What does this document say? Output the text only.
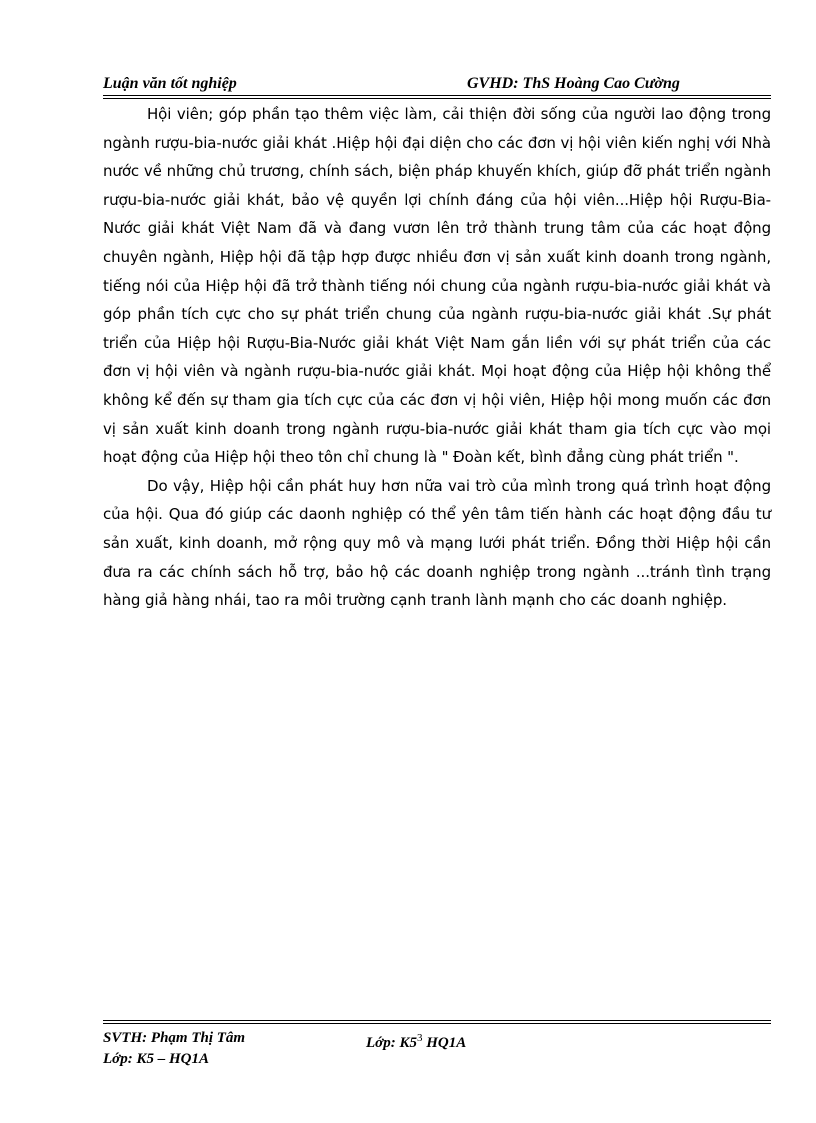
Luận văn tốt nghiệp	GVHD: ThS Hoàng Cao Cường

Hội viên; góp phần tạo thêm việc làm, cải thiện đời sống của người lao động trong ngành rượu-bia-nước giải khát .Hiệp hội đại diện cho các đơn vị hội viên kiến nghị với Nhà nước về những chủ trương, chính sách, biện pháp khuyến khích, giúp đỡ phát triển ngành rượu-bia-nước giải khát, bảo vệ quyền lợi chính đáng của hội viên...Hiệp hội Rượu-Bia-Nước giải khát Việt Nam đã và đang vươn lên trở thành trung tâm của các hoạt động chuyên ngành, Hiệp hội đã tập hợp được nhiều đơn vị sản xuất kinh doanh trong ngành, tiếng nói của Hiệp hội đã trở thành tiếng nói chung của ngành rượu-bia-nước giải khát và góp phần tích cực cho sự phát triển chung của ngành rượu-bia-nước giải khát .Sự phát triển của Hiệp hội Rượu-Bia-Nước giải khát Việt Nam gắn liền với sự phát triển của các đơn vị hội viên và ngành rượu-bia-nước giải khát. Mọi hoạt động của Hiệp hội không thể không kể đến sự tham gia tích cực của các đơn vị hội viên, Hiệp hội mong muốn các đơn vị sản xuất kinh doanh trong ngành rượu-bia-nước giải khát tham gia tích cực vào mọi hoạt động của Hiệp hội theo tôn chỉ chung là " Đoàn kết, bình đẳng cùng phát triển ".

Do vậy, Hiệp hội cần phát huy hơn nữa vai trò của mình trong quá trình hoạt động của hội. Qua đó giúp các daonh nghiệp có thể yên tâm tiến hành các hoạt động đầu tư sản xuất, kinh doanh, mở rộng quy mô và mạng lưới phát triển. Đồng thời Hiệp hội cần đưa ra các chính sách hỗ trợ, bảo hộ các doanh nghiệp trong ngành ...tránh tình trạng hàng giả hàng nhái, tao ra môi trường cạnh tranh lành mạnh cho các doanh nghiệp.

SVTH: Phạm Thị Tâm	Lớp: $K5^3$ HQ1A
Lớp: K5 – HQ1A
